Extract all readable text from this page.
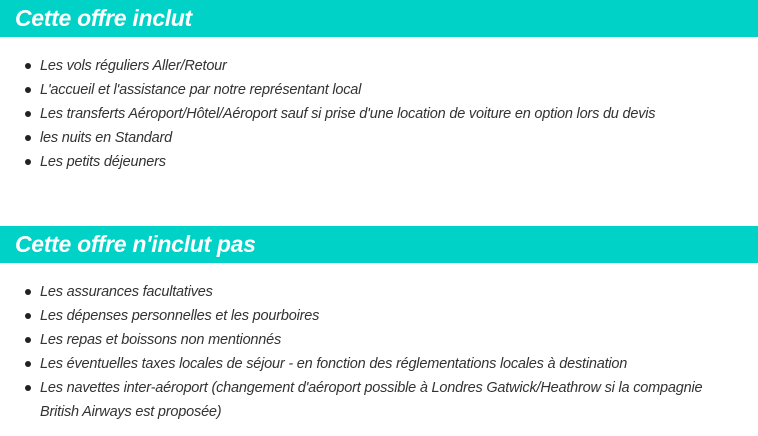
Cette offre inclut
Les vols réguliers Aller/Retour
L'accueil et l'assistance par notre représentant local
Les transferts Aéroport/Hôtel/Aéroport sauf si prise d'une location de voiture en option lors du devis
les nuits en Standard
Les petits déjeuners
Cette offre n'inclut pas
Les assurances facultatives
Les dépenses personnelles et les pourboires
Les repas et boissons non mentionnés
Les éventuelles taxes locales de séjour - en fonction des réglementations locales à destination
Les navettes inter-aéroport (changement d'aéroport possible à Londres Gatwick/Heathrow si la compagnie British Airways est proposée)
